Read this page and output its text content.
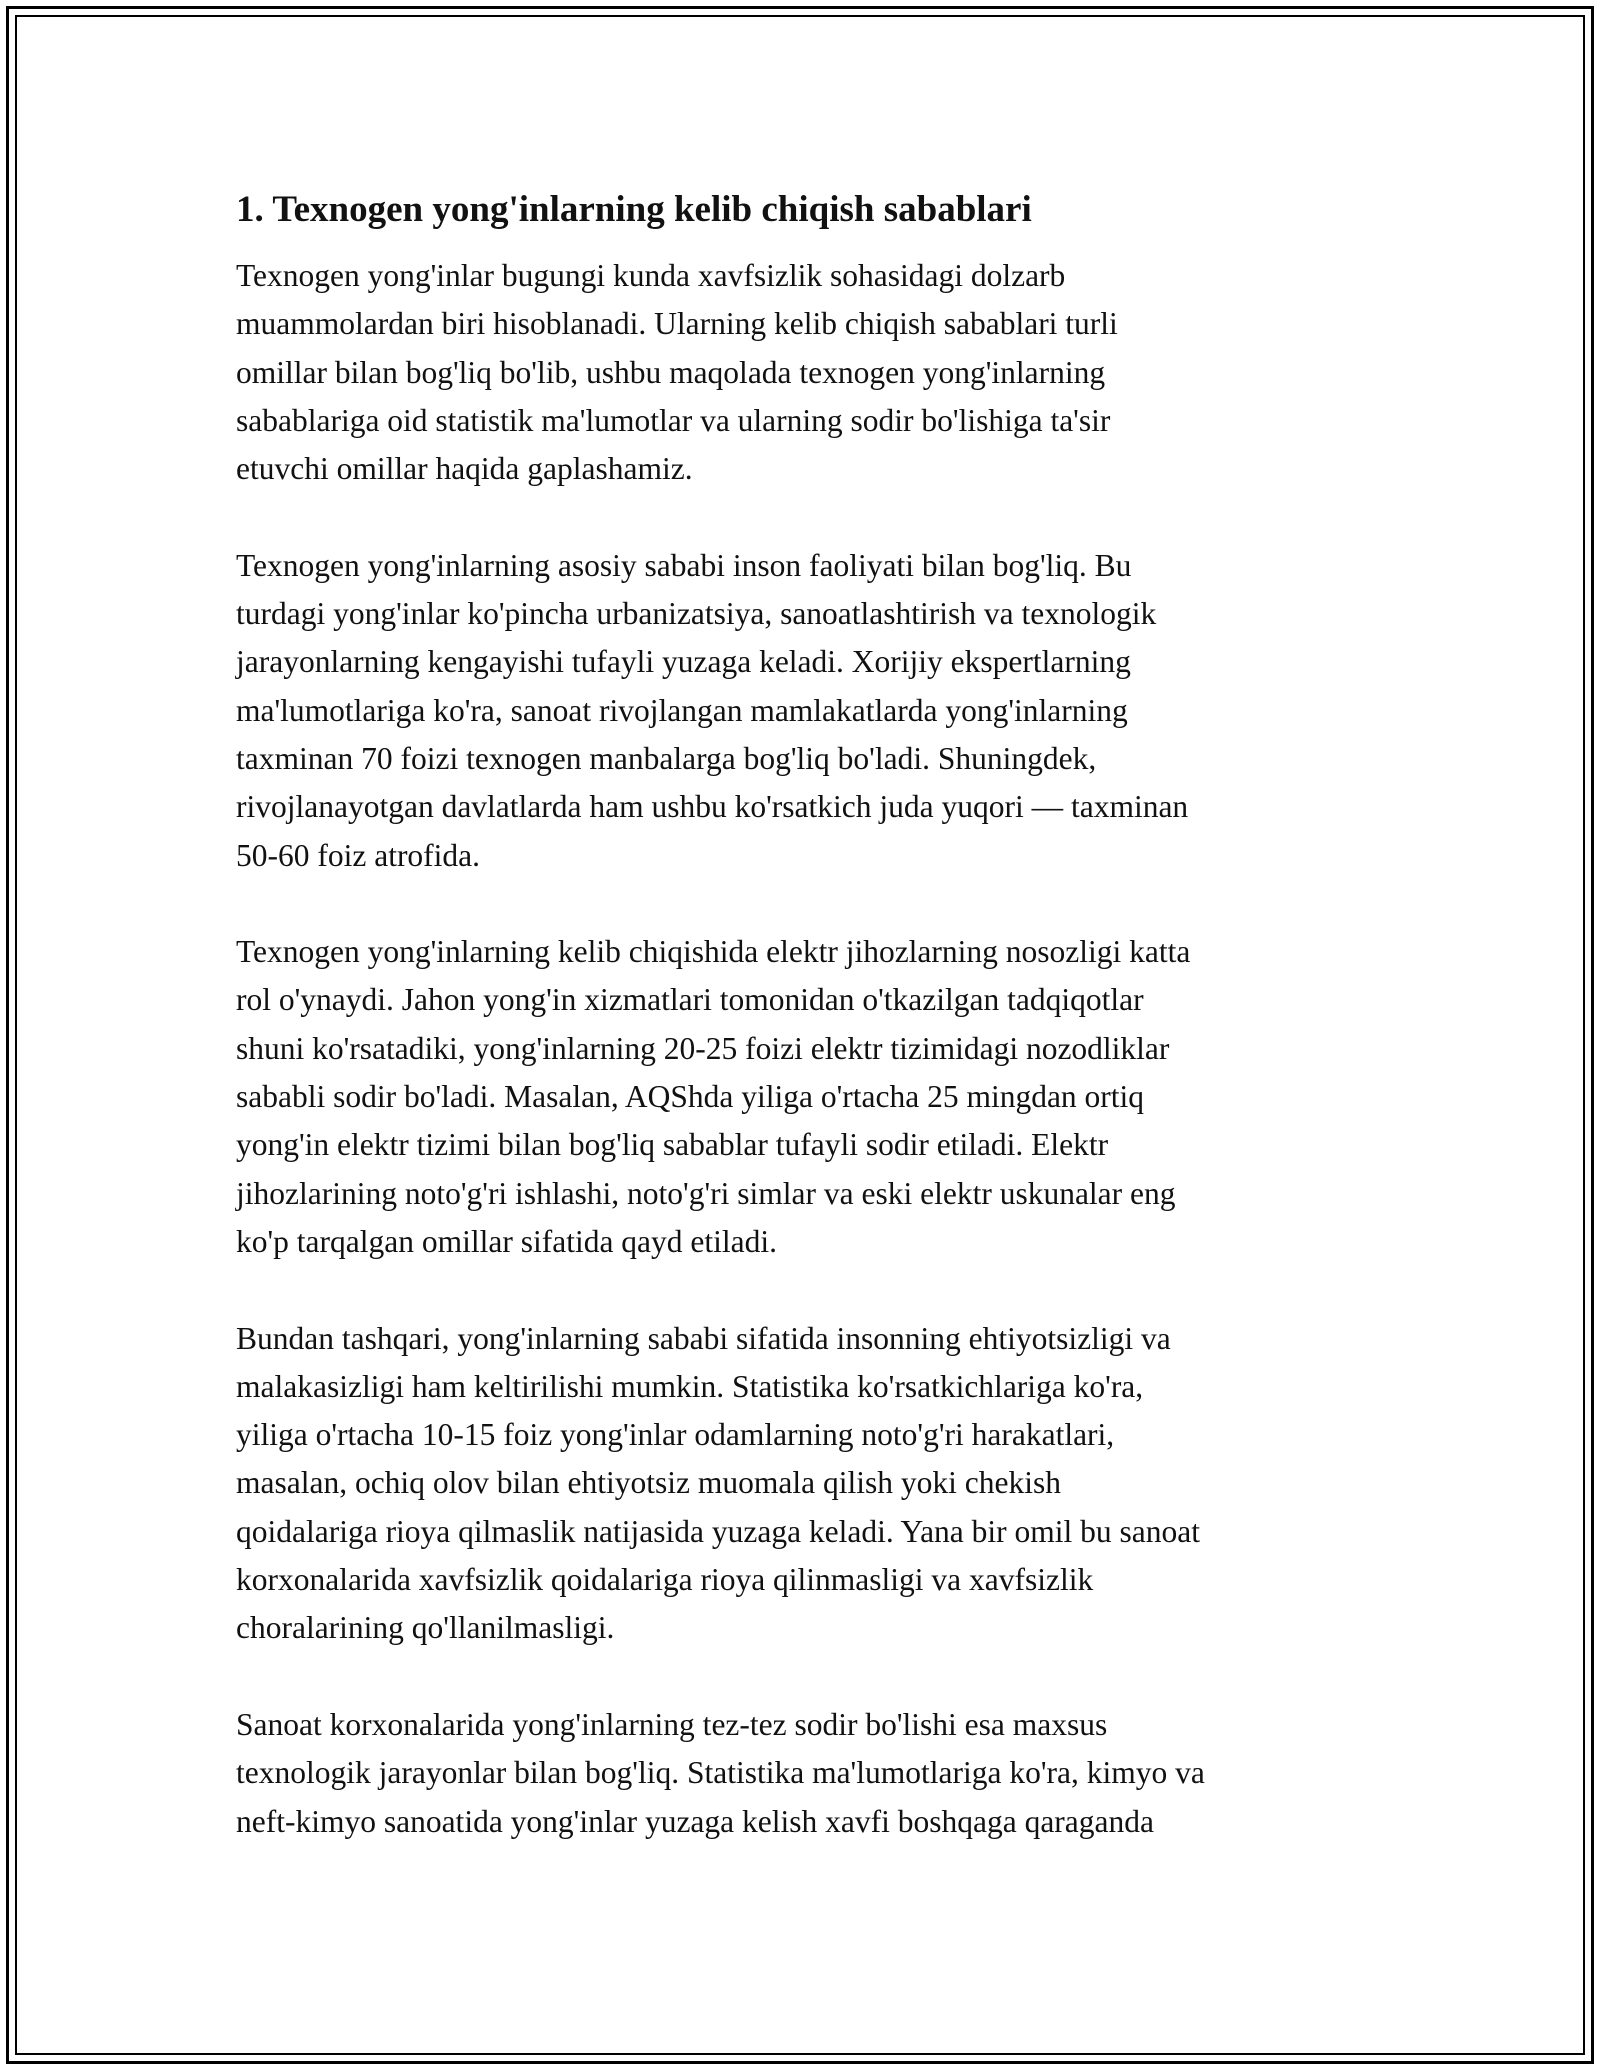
1. Texnogen yong'inlarning kelib chiqish sabablari
Texnogen yong'inlar bugungi kunda xavfsizlik sohasidagi dolzarb
muammolardan biri hisoblanadi. Ularning kelib chiqish sabablari turli
omillar bilan bog'liq bo'lib, ushbu maqolada texnogen yong'inlarning
sabablariga oid statistik ma'lumotlar va ularning sodir bo'lishiga ta'sir
etuvchi omillar haqida gaplashamiz.
Texnogen yong'inlarning asosiy sababi inson faoliyati bilan bog'liq. Bu
turdagi yong'inlar ko'pincha urbanizatsiya, sanoatlashtirish va texnologik
jarayonlarning kengayishi tufayli yuzaga keladi. Xorijiy ekspertlarning
ma'lumotlariga ko'ra, sanoat rivojlangan mamlakatlarda yong'inlarning
taxminan 70 foizi texnogen manbalarga bog'liq bo'ladi. Shuningdek,
rivojlanayotgan davlatlarda ham ushbu ko'rsatkich juda yuqori — taxminan
50-60 foiz atrofida.
Texnogen yong'inlarning kelib chiqishida elektr jihozlarning nosozligi katta
rol o'ynaydi. Jahon yong'in xizmatlari tomonidan o'tkazilgan tadqiqotlar
shuni ko'rsatadiki, yong'inlarning 20-25 foizi elektr tizimidagi nozodliklar
sababli sodir bo'ladi. Masalan, AQShda yiliga o'rtacha 25 mingdan ortiq
yong'in elektr tizimi bilan bog'liq sabablar tufayli sodir etiladi. Elektr
jihozlarining noto'g'ri ishlashi, noto'g'ri simlar va eski elektr uskunalar eng
ko'p tarqalgan omillar sifatida qayd etiladi.
Bundan tashqari, yong'inlarning sababi sifatida insonning ehtiyotsizligi va
malakasizligi ham keltirilishi mumkin. Statistika ko'rsatkichlariga ko'ra,
yiliga o'rtacha 10-15 foiz yong'inlar odamlarning noto'g'ri harakatlari,
masalan, ochiq olov bilan ehtiyotsiz muomala qilish yoki chekish
qoidalariga rioya qilmaslik natijasida yuzaga keladi. Yana bir omil bu sanoat
korxonalarida xavfsizlik qoidalariga rioya qilinmasligi va xavfsizlik
choralarining qo'llanilmasligi.
Sanoat korxonalarida yong'inlarning tez-tez sodir bo'lishi esa maxsus
texnologik jarayonlar bilan bog'liq. Statistika ma'lumotlariga ko'ra, kimyo va
neft-kimyo sanoatida yong'inlar yuzaga kelish xavfi boshqaga qaraganda
